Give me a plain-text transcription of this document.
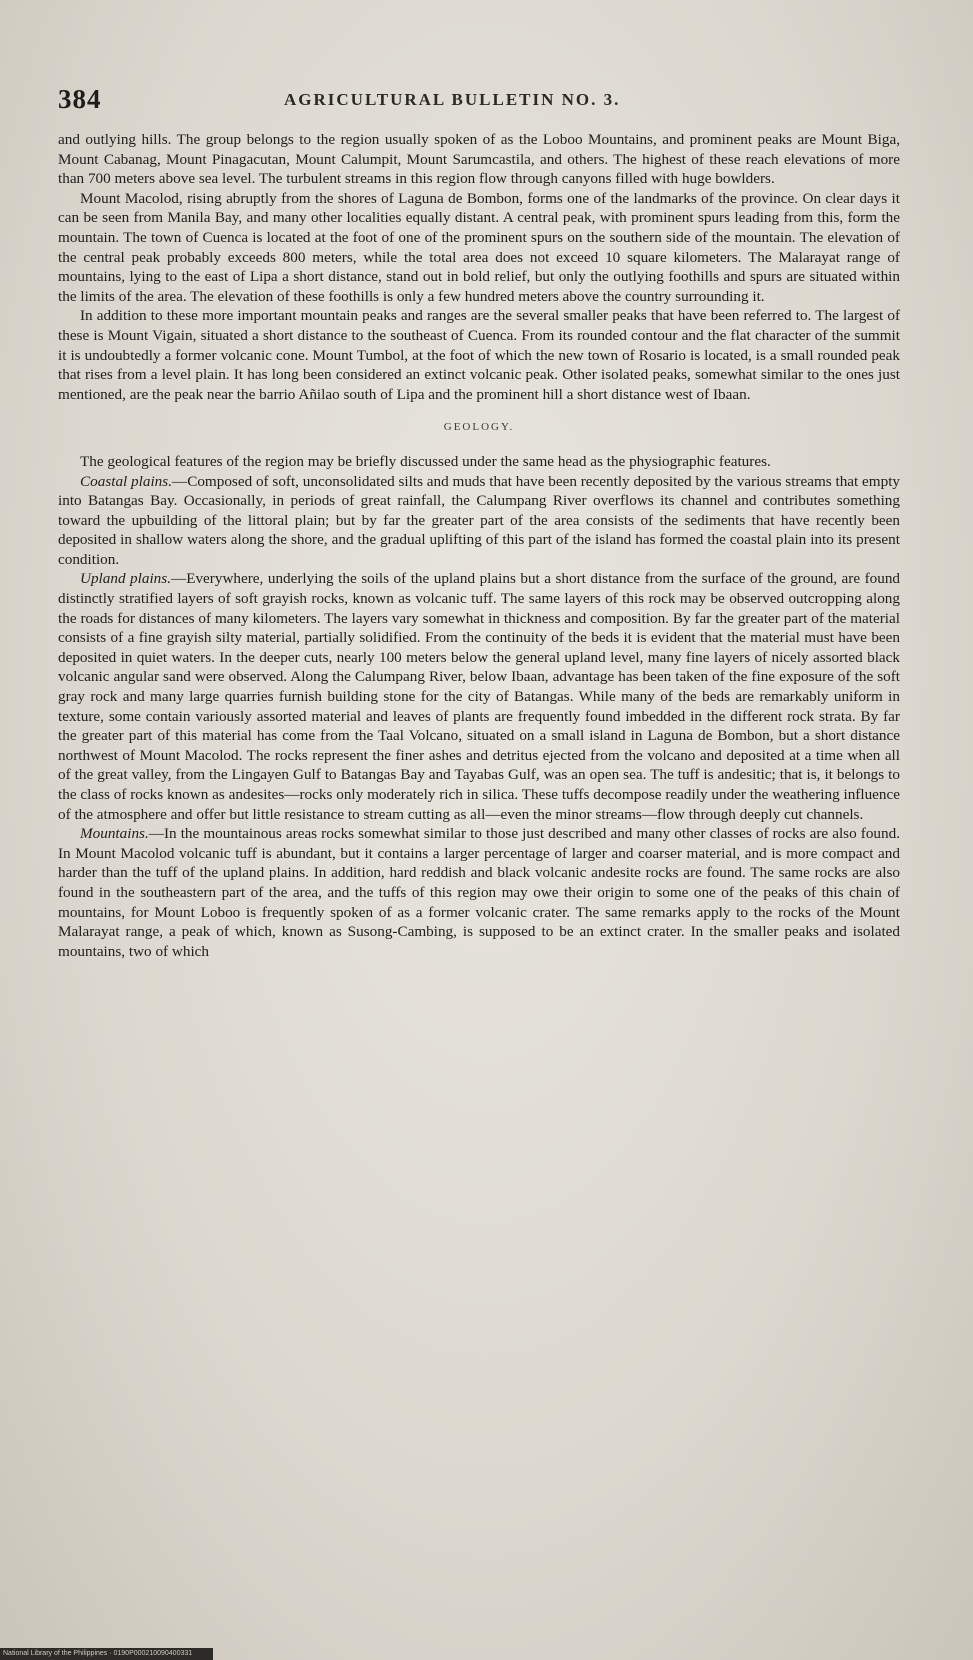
384	AGRICULTURAL BULLETIN NO. 3.

and outlying hills. The group belongs to the region usually spoken of as the Loboo Mountains, and prominent peaks are Mount Biga, Mount Cabanag, Mount Pinagacutan, Mount Calumpit, Mount Sarumcastila, and others. The highest of these reach elevations of more than 700 meters above sea level. The turbulent streams in this region flow through canyons filled with huge bowlders.

Mount Macolod, rising abruptly from the shores of Laguna de Bombon, forms one of the landmarks of the province. On clear days it can be seen from Manila Bay, and many other localities equally distant. A central peak, with prominent spurs leading from this, form the mountain. The town of Cuenca is located at the foot of one of the prominent spurs on the southern side of the mountain. The elevation of the central peak probably exceeds 800 meters, while the total area does not exceed 10 square kilometers. The Malarayat range of mountains, lying to the east of Lipa a short distance, stand out in bold relief, but only the outlying foothills and spurs are situated within the limits of the area. The elevation of these foothills is only a few hundred meters above the country surrounding it.

In addition to these more important mountain peaks and ranges are the several smaller peaks that have been referred to. The largest of these is Mount Vigain, situated a short distance to the southeast of Cuenca. From its rounded contour and the flat character of the summit it is undoubtedly a former volcanic cone. Mount Tumbol, at the foot of which the new town of Rosario is located, is a small rounded peak that rises from a level plain. It has long been considered an extinct volcanic peak. Other isolated peaks, somewhat similar to the ones just mentioned, are the peak near the barrio Añilao south of Lipa and the prominent hill a short distance west of Ibaan.

GEOLOGY.

The geological features of the region may be briefly discussed under the same head as the physiographic features.

Coastal plains.—Composed of soft, unconsolidated silts and muds that have been recently deposited by the various streams that empty into Batangas Bay. Occasionally, in periods of great rainfall, the Calumpang River overflows its channel and contributes something toward the upbuilding of the littoral plain; but by far the greater part of the area consists of the sediments that have recently been deposited in shallow waters along the shore, and the gradual uplifting of this part of the island has formed the coastal plain into its present condition.

Upland plains.—Everywhere, underlying the soils of the upland plains but a short distance from the surface of the ground, are found distinctly stratified layers of soft grayish rocks, known as volcanic tuff. The same layers of this rock may be observed outcropping along the roads for distances of many kilometers. The layers vary somewhat in thickness and composition. By far the greater part of the material consists of a fine grayish silty material, partially solidified. From the continuity of the beds it is evident that the material must have been deposited in quiet waters. In the deeper cuts, nearly 100 meters below the general upland level, many fine layers of nicely assorted black volcanic angular sand were observed. Along the Calumpang River, below Ibaan, advantage has been taken of the fine exposure of the soft gray rock and many large quarries furnish building stone for the city of Batangas. While many of the beds are remarkably uniform in texture, some contain variously assorted material and leaves of plants are frequently found imbedded in the different rock strata. By far the greater part of this material has come from the Taal Volcano, situated on a small island in Laguna de Bombon, but a short distance northwest of Mount Macolod. The rocks represent the finer ashes and detritus ejected from the volcano and deposited at a time when all of the great valley, from the Lingayen Gulf to Batangas Bay and Tayabas Gulf, was an open sea. The tuff is andesitic; that is, it belongs to the class of rocks known as andesites—rocks only moderately rich in silica. These tuffs decompose readily under the weathering influence of the atmosphere and offer but little resistance to stream cutting as all—even the minor streams—flow through deeply cut channels.

Mountains.—In the mountainous areas rocks somewhat similar to those just described and many other classes of rocks are also found. In Mount Macolod volcanic tuff is abundant, but it contains a larger percentage of larger and coarser material, and is more compact and harder than the tuff of the upland plains. In addition, hard reddish and black volcanic andesite rocks are found. The same rocks are also found in the southeastern part of the area, and the tuffs of this region may owe their origin to some one of the peaks of this chain of mountains, for Mount Loboo is frequently spoken of as a former volcanic crater. The same remarks apply to the rocks of the Mount Malarayat range, a peak of which, known as Susong-Cambing, is supposed to be an extinct crater. In the smaller peaks and isolated mountains, two of which

National Library of the Philippines · 0190P000210090400331
